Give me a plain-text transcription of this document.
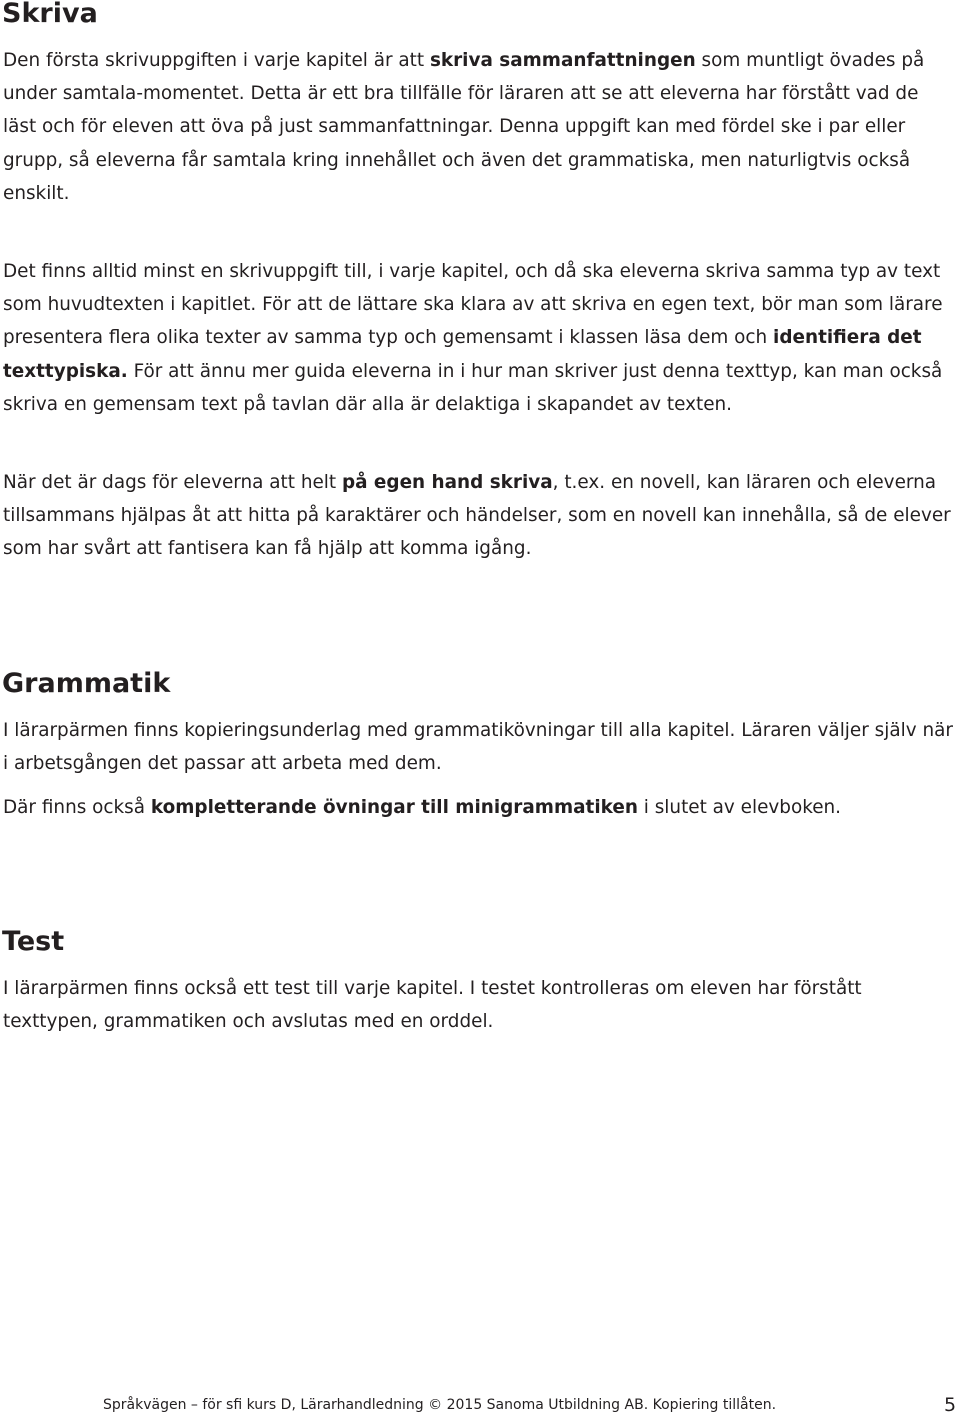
Skriva

Den första skrivuppgiften i varje kapitel är att skriva sammanfattningen som muntligt övades på under samtala-momentet. Detta är ett bra tillfälle för läraren att se att eleverna har förstått vad de läst och för eleven att öva på just sammanfattningar. Denna uppgift kan med fördel ske i par eller grupp, så eleverna får samtala kring innehållet och även det grammatiska, men naturligtvis också enskilt.

Det finns alltid minst en skrivuppgift till, i varje kapitel, och då ska eleverna skriva samma typ av text som huvudtexten i kapitlet. För att de lättare ska klara av att skriva en egen text, bör man som lärare presentera flera olika texter av samma typ och gemensamt i klassen läsa dem och identifiera det texttypiska. För att ännu mer guida eleverna in i hur man skriver just denna texttyp, kan man också skriva en gemensam text på tavlan där alla är delaktiga i skapandet av texten.

När det är dags för eleverna att helt på egen hand skriva, t.ex. en novell, kan läraren och eleverna tillsammans hjälpas åt att hitta på karaktärer och händelser, som en novell kan innehålla, så de elever som har svårt att fantisera kan få hjälp att komma igång.

Grammatik

I lärarpärmen finns kopieringsunderlag med grammatikövningar till alla kapitel. Läraren väljer själv när i arbetsgången det passar att arbeta med dem.

Där finns också kompletterande övningar till minigrammatiken i slutet av elevboken.

Test

I lärarpärmen finns också ett test till varje kapitel. I testet kontrolleras om eleven har förstått texttypen, grammatiken och avslutas med en orddel.

Språkvägen – för sfi kurs D, Lärarhandledning © 2015 Sanoma Utbildning AB. Kopiering tillåten.	5
